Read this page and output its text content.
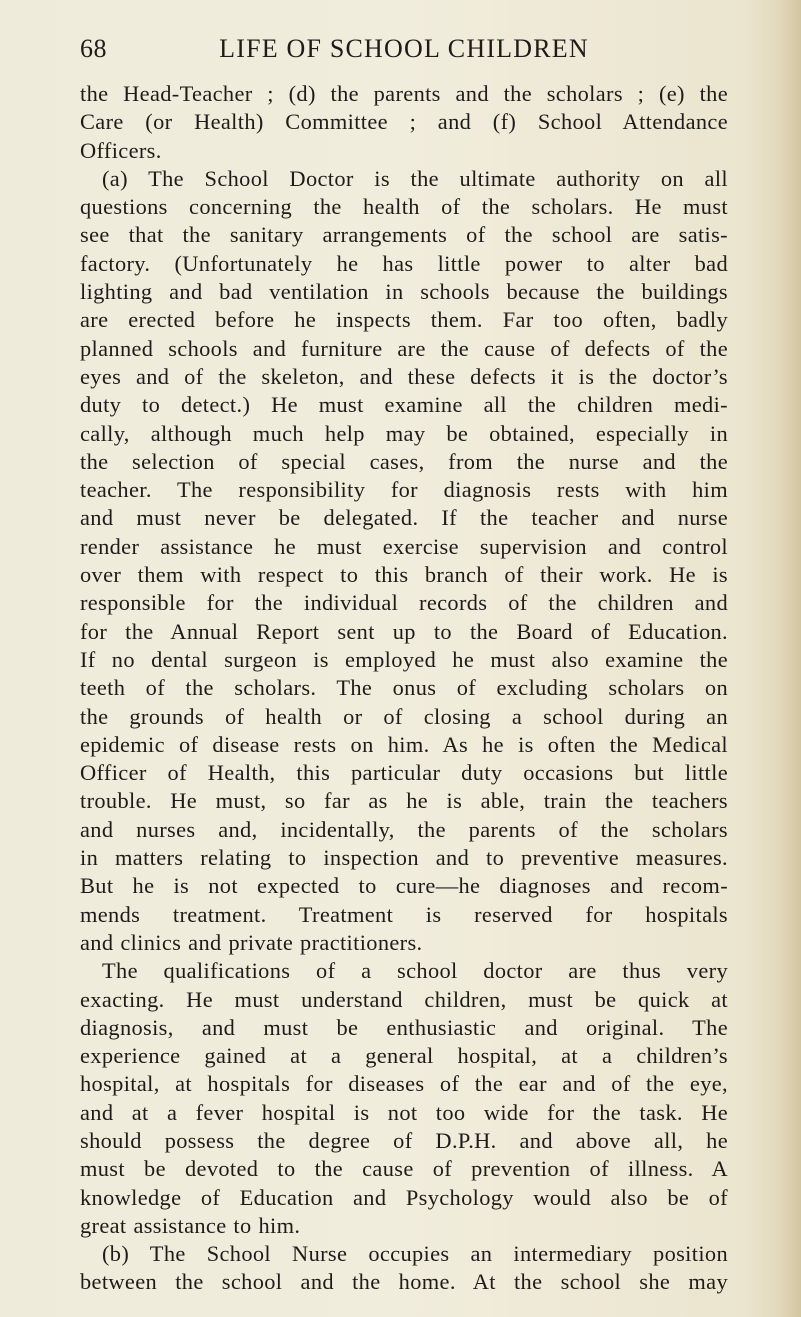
68	LIFE OF SCHOOL CHILDREN
the Head-Teacher ; (d) the parents and the scholars ; (e) the
Care (or Health) Committee ; and (f) School Attendance
Officers.
(a) The School Doctor is the ultimate authority on all
questions concerning the health of the scholars. He must
see that the sanitary arrangements of the school are satis-
factory. (Unfortunately he has little power to alter bad
lighting and bad ventilation in schools because the buildings
are erected before he inspects them. Far too often, badly
planned schools and furniture are the cause of defects of the
eyes and of the skeleton, and these defects it is the doctor’s
duty to detect.) He must examine all the children medi-
cally, although much help may be obtained, especially in
the selection of special cases, from the nurse and the
teacher. The responsibility for diagnosis rests with him
and must never be delegated. If the teacher and nurse
render assistance he must exercise supervision and control
over them with respect to this branch of their work. He is
responsible for the individual records of the children and
for the Annual Report sent up to the Board of Education.
If no dental surgeon is employed he must also examine the
teeth of the scholars. The onus of excluding scholars on
the grounds of health or of closing a school during an
epidemic of disease rests on him. As he is often the Medical
Officer of Health, this particular duty occasions but little
trouble. He must, so far as he is able, train the teachers
and nurses and, incidentally, the parents of the scholars
in matters relating to inspection and to preventive measures.
But he is not expected to cure—he diagnoses and recom-
mends treatment. Treatment is reserved for hospitals
and clinics and private practitioners.
The qualifications of a school doctor are thus very
exacting. He must understand children, must be quick at
diagnosis, and must be enthusiastic and original. The
experience gained at a general hospital, at a children’s
hospital, at hospitals for diseases of the ear and of the eye,
and at a fever hospital is not too wide for the task. He
should possess the degree of D.P.H. and above all, he
must be devoted to the cause of prevention of illness. A
knowledge of Education and Psychology would also be of
great assistance to him.
(b) The School Nurse occupies an intermediary position
between the school and the home. At the school she may
